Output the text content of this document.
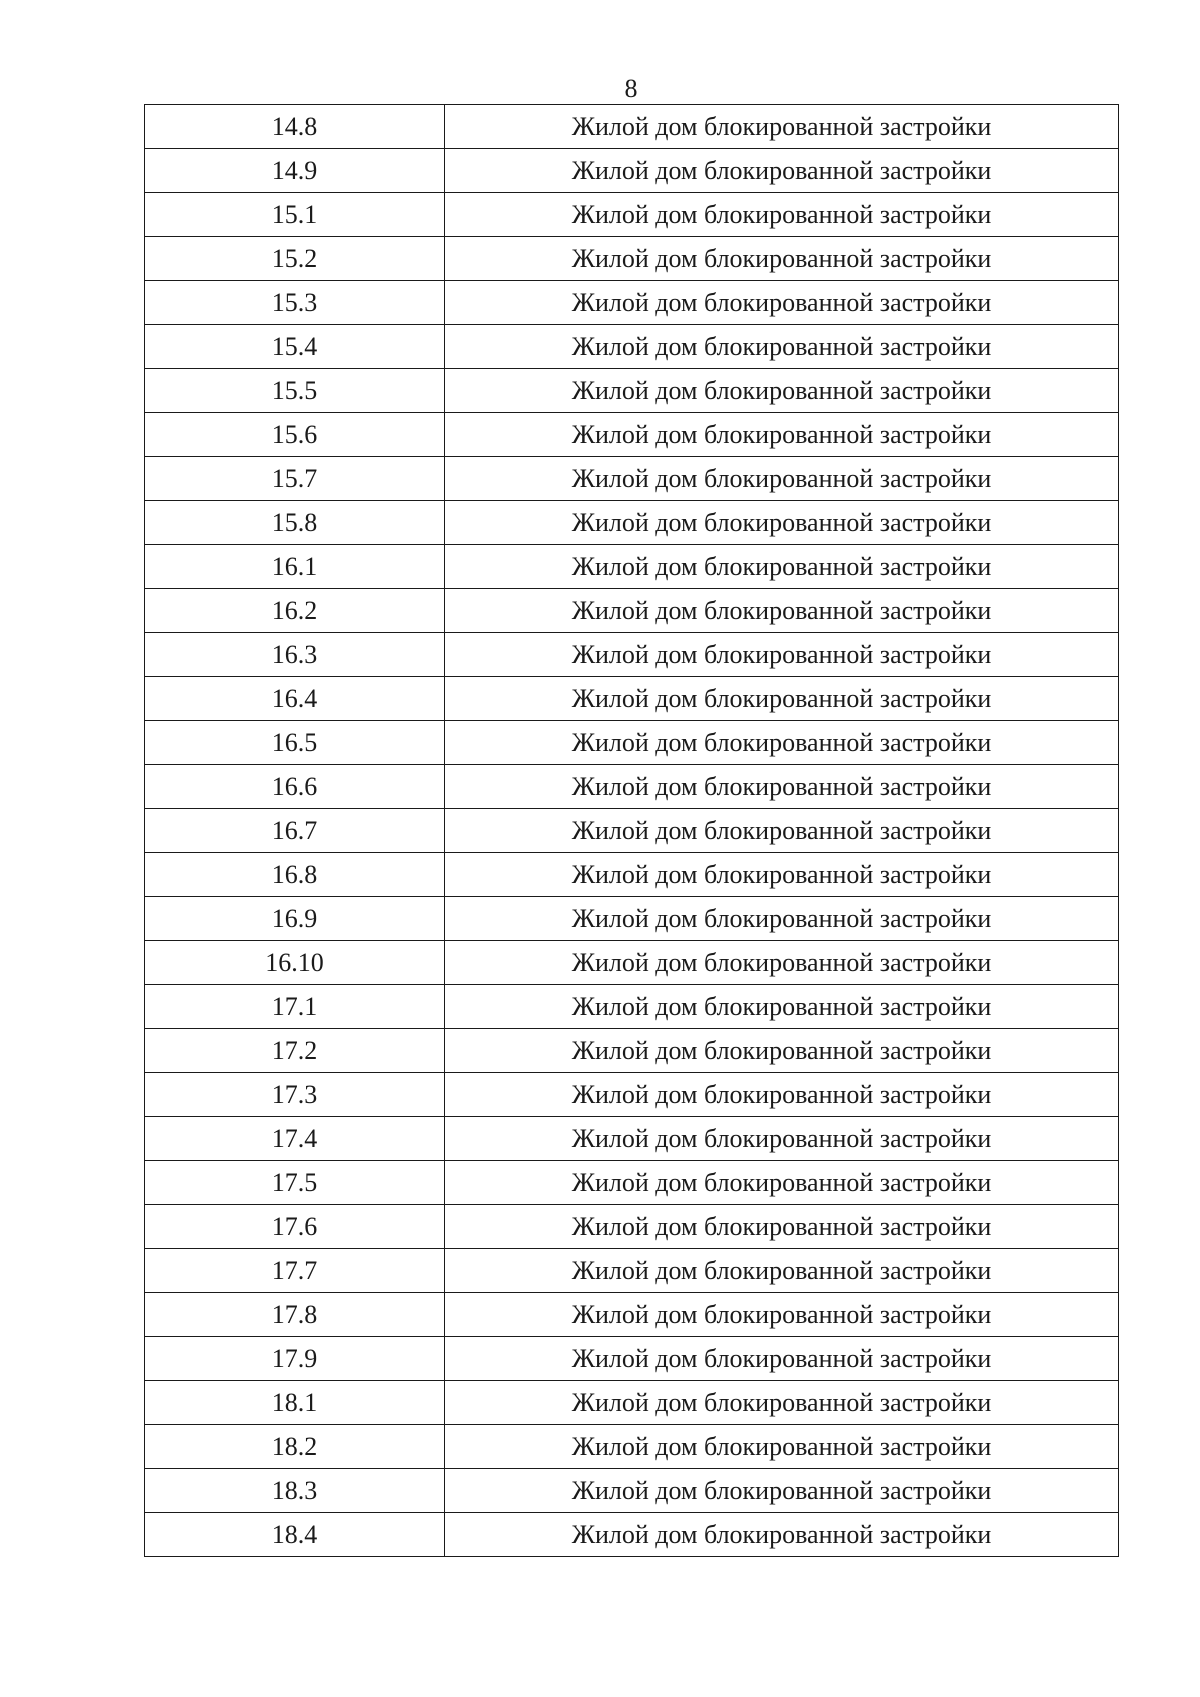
8

14.8	Жилой дом блокированной застройки
14.9	Жилой дом блокированной застройки
15.1	Жилой дом блокированной застройки
15.2	Жилой дом блокированной застройки
15.3	Жилой дом блокированной застройки
15.4	Жилой дом блокированной застройки
15.5	Жилой дом блокированной застройки
15.6	Жилой дом блокированной застройки
15.7	Жилой дом блокированной застройки
15.8	Жилой дом блокированной застройки
16.1	Жилой дом блокированной застройки
16.2	Жилой дом блокированной застройки
16.3	Жилой дом блокированной застройки
16.4	Жилой дом блокированной застройки
16.5	Жилой дом блокированной застройки
16.6	Жилой дом блокированной застройки
16.7	Жилой дом блокированной застройки
16.8	Жилой дом блокированной застройки
16.9	Жилой дом блокированной застройки
16.10	Жилой дом блокированной застройки
17.1	Жилой дом блокированной застройки
17.2	Жилой дом блокированной застройки
17.3	Жилой дом блокированной застройки
17.4	Жилой дом блокированной застройки
17.5	Жилой дом блокированной застройки
17.6	Жилой дом блокированной застройки
17.7	Жилой дом блокированной застройки
17.8	Жилой дом блокированной застройки
17.9	Жилой дом блокированной застройки
18.1	Жилой дом блокированной застройки
18.2	Жилой дом блокированной застройки
18.3	Жилой дом блокированной застройки
18.4	Жилой дом блокированной застройки
